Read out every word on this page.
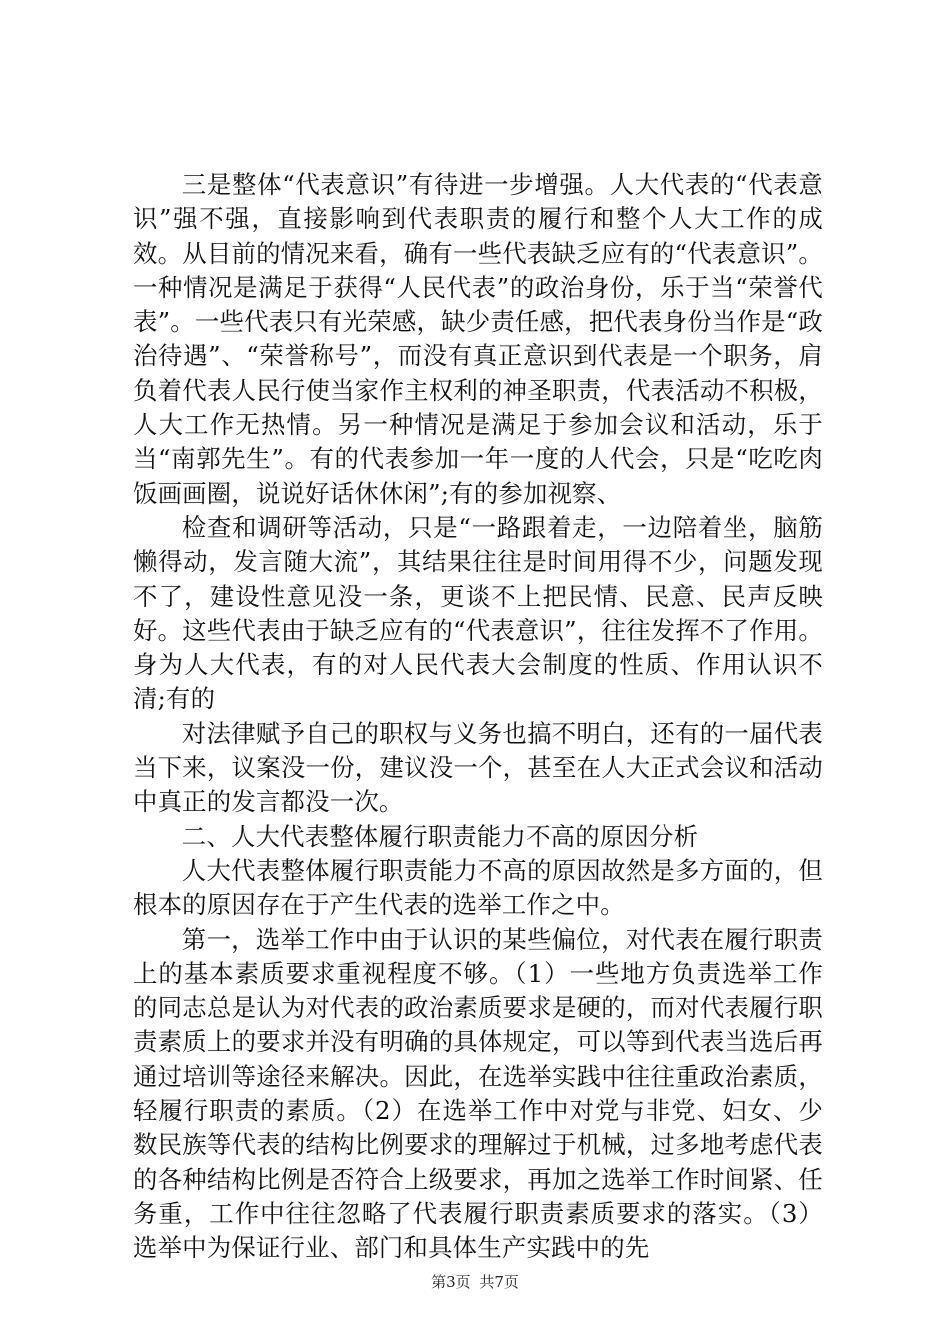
三是整体“代表意识”有待进一步增强。人大代表的“代表意识”强不强，直接影响到代表职责的履行和整个人大工作的成效。从目前的情况来看，确有一些代表缺乏应有的“代表意识”。一种情况是满足于获得“人民代表”的政治身份，乐于当“荣誉代表”。一些代表只有光荣感，缺少责任感，把代表身份当作是“政治待遇”、“荣誉称号”，而没有真正意识到代表是一个职务，肩负着代表人民行使当家作主权利的神圣职责，代表活动不积极，人大工作无热情。另一种情况是满足于参加会议和活动，乐于当“南郭先生”。有的代表参加一年一度的人代会，只是“吃吃肉饭画画圈，说说好话休休闲”;有的参加视察、

检查和调研等活动，只是“一路跟着走，一边陪着坐，脑筋懒得动，发言随大流”，其结果往往是时间用得不少，问题发现不了，建设性意见没一条，更谈不上把民情、民意、民声反映好。这些代表由于缺乏应有的“代表意识”，往往发挥不了作用。身为人大代表，有的对人民代表大会制度的性质、作用认识不清;有的

对法律赋予自己的职权与义务也搞不明白，还有的一届代表当下来，议案没一份，建议没一个，甚至在人大正式会议和活动中真正的发言都没一次。

二、人大代表整体履行职责能力不高的原因分析

人大代表整体履行职责能力不高的原因故然是多方面的，但根本的原因存在于产生代表的选举工作之中。

第一，选举工作中由于认识的某些偏位，对代表在履行职责上的基本素质要求重视程度不够。（1）一些地方负责选举工作的同志总是认为对代表的政治素质要求是硬的，而对代表履行职责素质上的要求并没有明确的具体规定，可以等到代表当选后再通过培训等途径来解决。因此，在选举实践中往往重政治素质，轻履行职责的素质。（2）在选举工作中对党与非党、妇女、少数民族等代表的结构比例要求的理解过于机械，过多地考虑代表的各种结构比例是否符合上级要求，再加之选举工作时间紧、任务重，工作中往往忽略了代表履行职责素质要求的落实。（3）选举中为保证行业、部门和具体生产实践中的先

第3页 共7页
